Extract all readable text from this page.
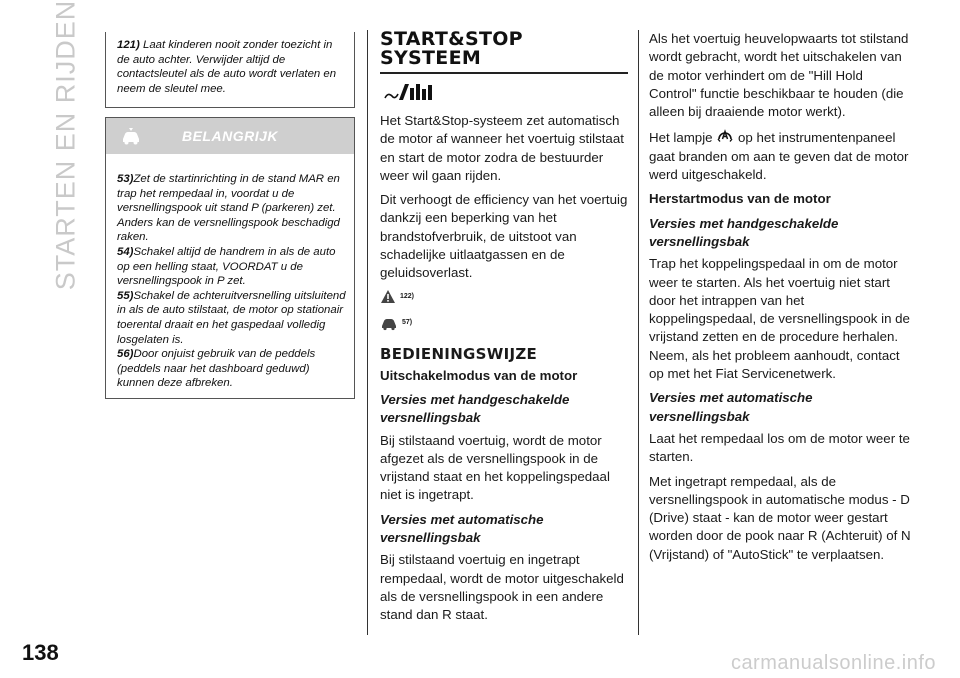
STARTEN EN RIJDEN	121) Laat kinderen nooit zonder toezicht in de auto achter. Verwijder altijd de contactsleutel als de auto wordt verlaten en neem de sleutel mee.

BELANGRIJK

53)Zet de startinrichting in de stand MAR en trap het rempedaal in, voordat u de versnellingspook uit stand P (parkeren) zet. Anders kan de versnellingspook beschadigd raken.

54)Schakel altijd de handrem in als de auto op een helling staat, VOORDAT u de versnellingspook in P zet.

55)Schakel de achteruitversnelling uitsluitend in als de auto stilstaat, de motor op stationair toerental draait en het gaspedaal volledig losgelaten is.

56)Door onjuist gebruik van de peddels (peddels naar het dashboard geduwd) kunnen deze afbreken.

START&STOP
SYSTEEM

Het Start&Stop-systeem zet automatisch de motor af wanneer het voertuig stilstaat en start de motor zodra de bestuurder weer wil gaan rijden.

Dit verhoogt de efficiency van het voertuig dankzij een beperking van het brandstofverbruik, de uitstoot van schadelijke uitlaatgassen en de geluidsoverlast.

122)
57)
BEDIENINGSWIJZE

Uitschakelmodus van de motor

Versies met handgeschakelde versnellingsbak

Bij stilstaand voertuig, wordt de motor afgezet als de versnellingspook in de vrijstand staat en het koppelingspedaal niet is ingetrapt.

Versies met automatische versnellingsbak

Bij stilstaand voertuig en ingetrapt rempedaal, wordt de motor uitgeschakeld als de versnellingspook in een andere stand dan R staat.

Als het voertuig heuvelopwaarts tot stilstand wordt gebracht, wordt het uitschakelen van de motor verhindert om de "Hill Hold Control" functie beschikbaar te houden (die alleen bij draaiende motor werkt).

Het lampje op het instrumentenpaneel gaat branden om aan te geven dat de motor werd uitgeschakeld.

Herstartmodus van de motor

Versies met handgeschakelde versnellingsbak

Trap het koppelingspedaal in om de motor weer te starten. Als het voertuig niet start door het intrappen van het koppelingspedaal, de versnellingspook in de vrijstand zetten en de procedure herhalen. Neem, als het probleem aanhoudt, contact op met het Fiat Servicenetwerk.

Versies met automatische versnellingsbak

Laat het rempedaal los om de motor weer te starten.

Met ingetrapt rempedaal, als de versnellingspook in automatische modus - D (Drive) staat - kan de motor weer gestart worden door de pook naar R (Achteruit) of N (Vrijstand) of "AutoStick" te verplaatsen.

138	carmanualsonline.info
